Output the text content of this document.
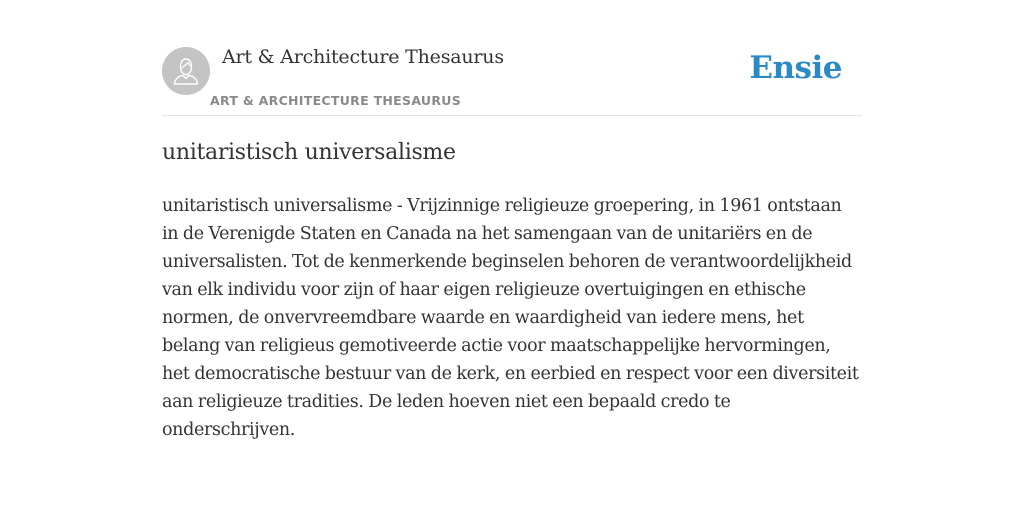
Art & Architecture Thesaurus
ART & ARCHITECTURE THESAURUS
Ensie
unitaristisch universalisme

unitaristisch universalisme - Vrijzinnige religieuze groepering, in 1961 ontstaan in de Verenigde Staten en Canada na het samengaan van de unitariërs en de universalisten. Tot de kenmerkende beginselen behoren de verantwoordelijkheid van elk individu voor zijn of haar eigen religieuze overtuigingen en ethische normen, de onvervreemdbare waarde en waardigheid van iedere mens, het belang van religieus gemotiveerde actie voor maatschappelijke hervormingen, het democratische bestuur van de kerk, en eerbied en respect voor een diversiteit aan religieuze tradities. De leden hoeven niet een bepaald credo te onderschrijven.
